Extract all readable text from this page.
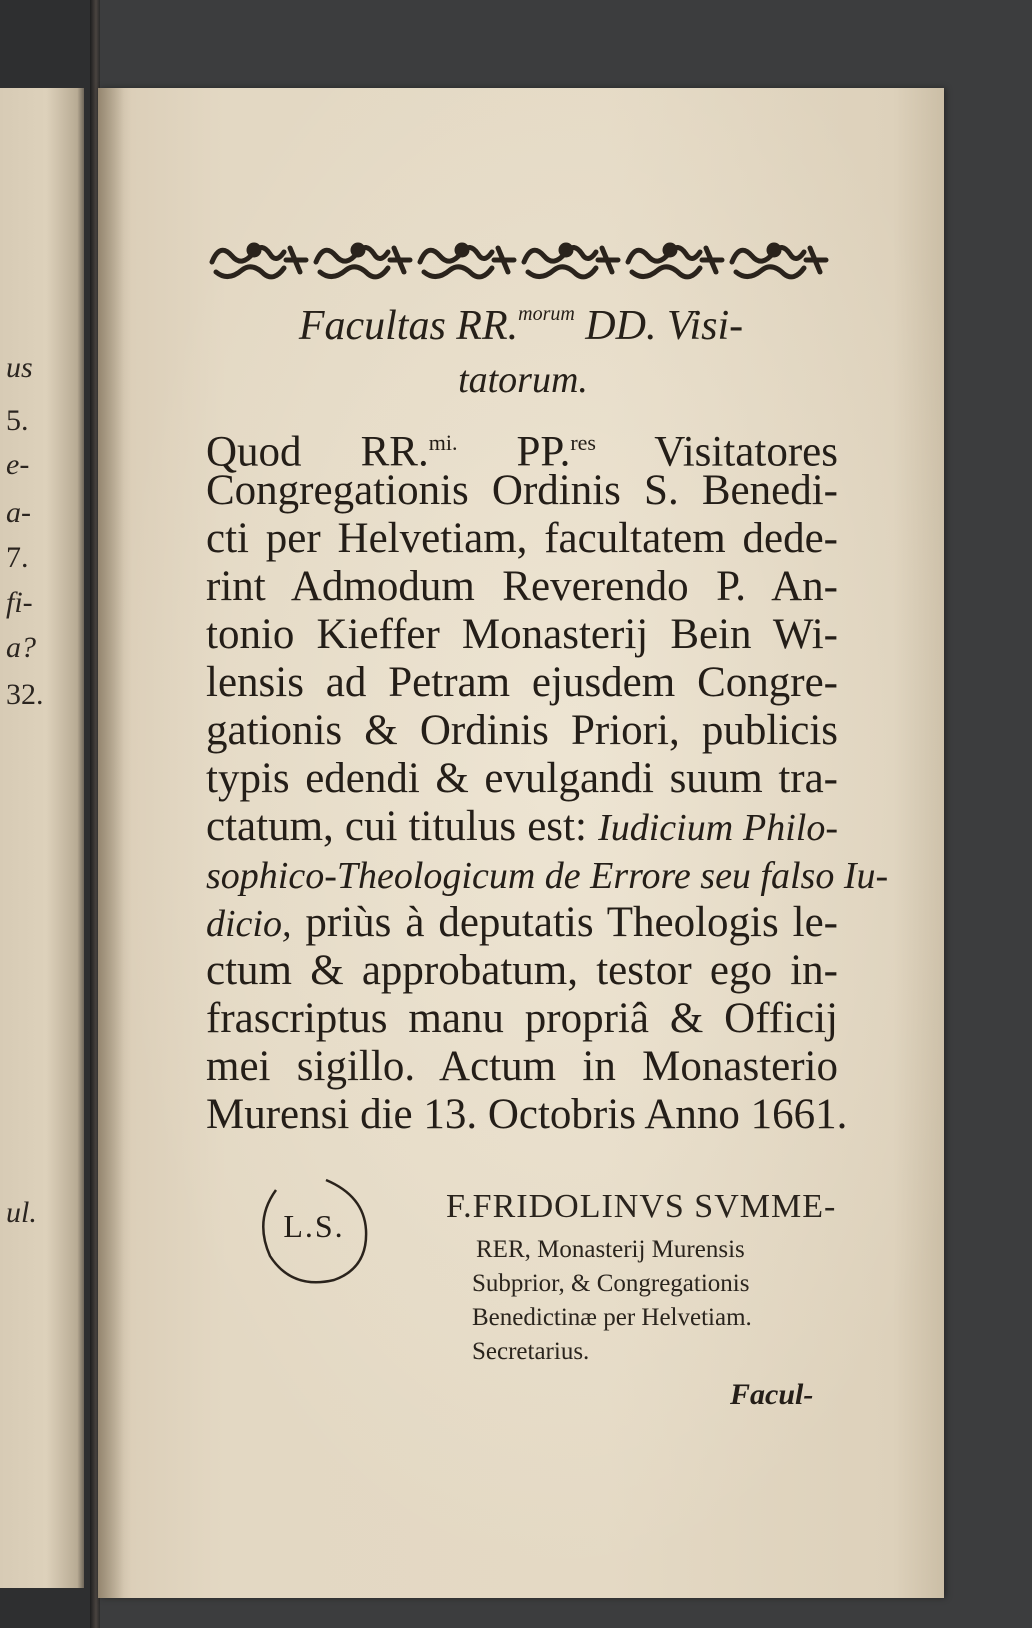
us
5.
e-
a-
7.
fi-
a?
32.
ul.
Facultas RR.$^{morum}$ DD. Visi-
tatorum.
Quod RR.$^{mi.}$ PP.$^{res}$ Visitatores
Congregationis Ordinis S. Benedi-
cti per Helvetiam, facultatem dede-
rint Admodum Reverendo P. An-
tonio Kieffer Monasterij Bein Wi-
lensis ad Petram ejusdem Congre-
gationis & Ordinis Priori, publicis
typis edendi & evulgandi suum tra-
ctatum, cui titulus est: Iudicium Philo-
sophico-Theologicum de Errore seu falso Iu-
dicio, priùs à deputatis Theologis le-
ctum & approbatum, testor ego in-
frascriptus manu propriâ & Officij
mei sigillo. Actum in Monasterio
Murensi die 13. Octobris Anno 1661.
L.S.
F.FRIDOLINVS SVMME-
RER, Monasterij Murensis
Subprior, & Congregationis
Benedictinæ per Helvetiam.
Secretarius.
Facul-
